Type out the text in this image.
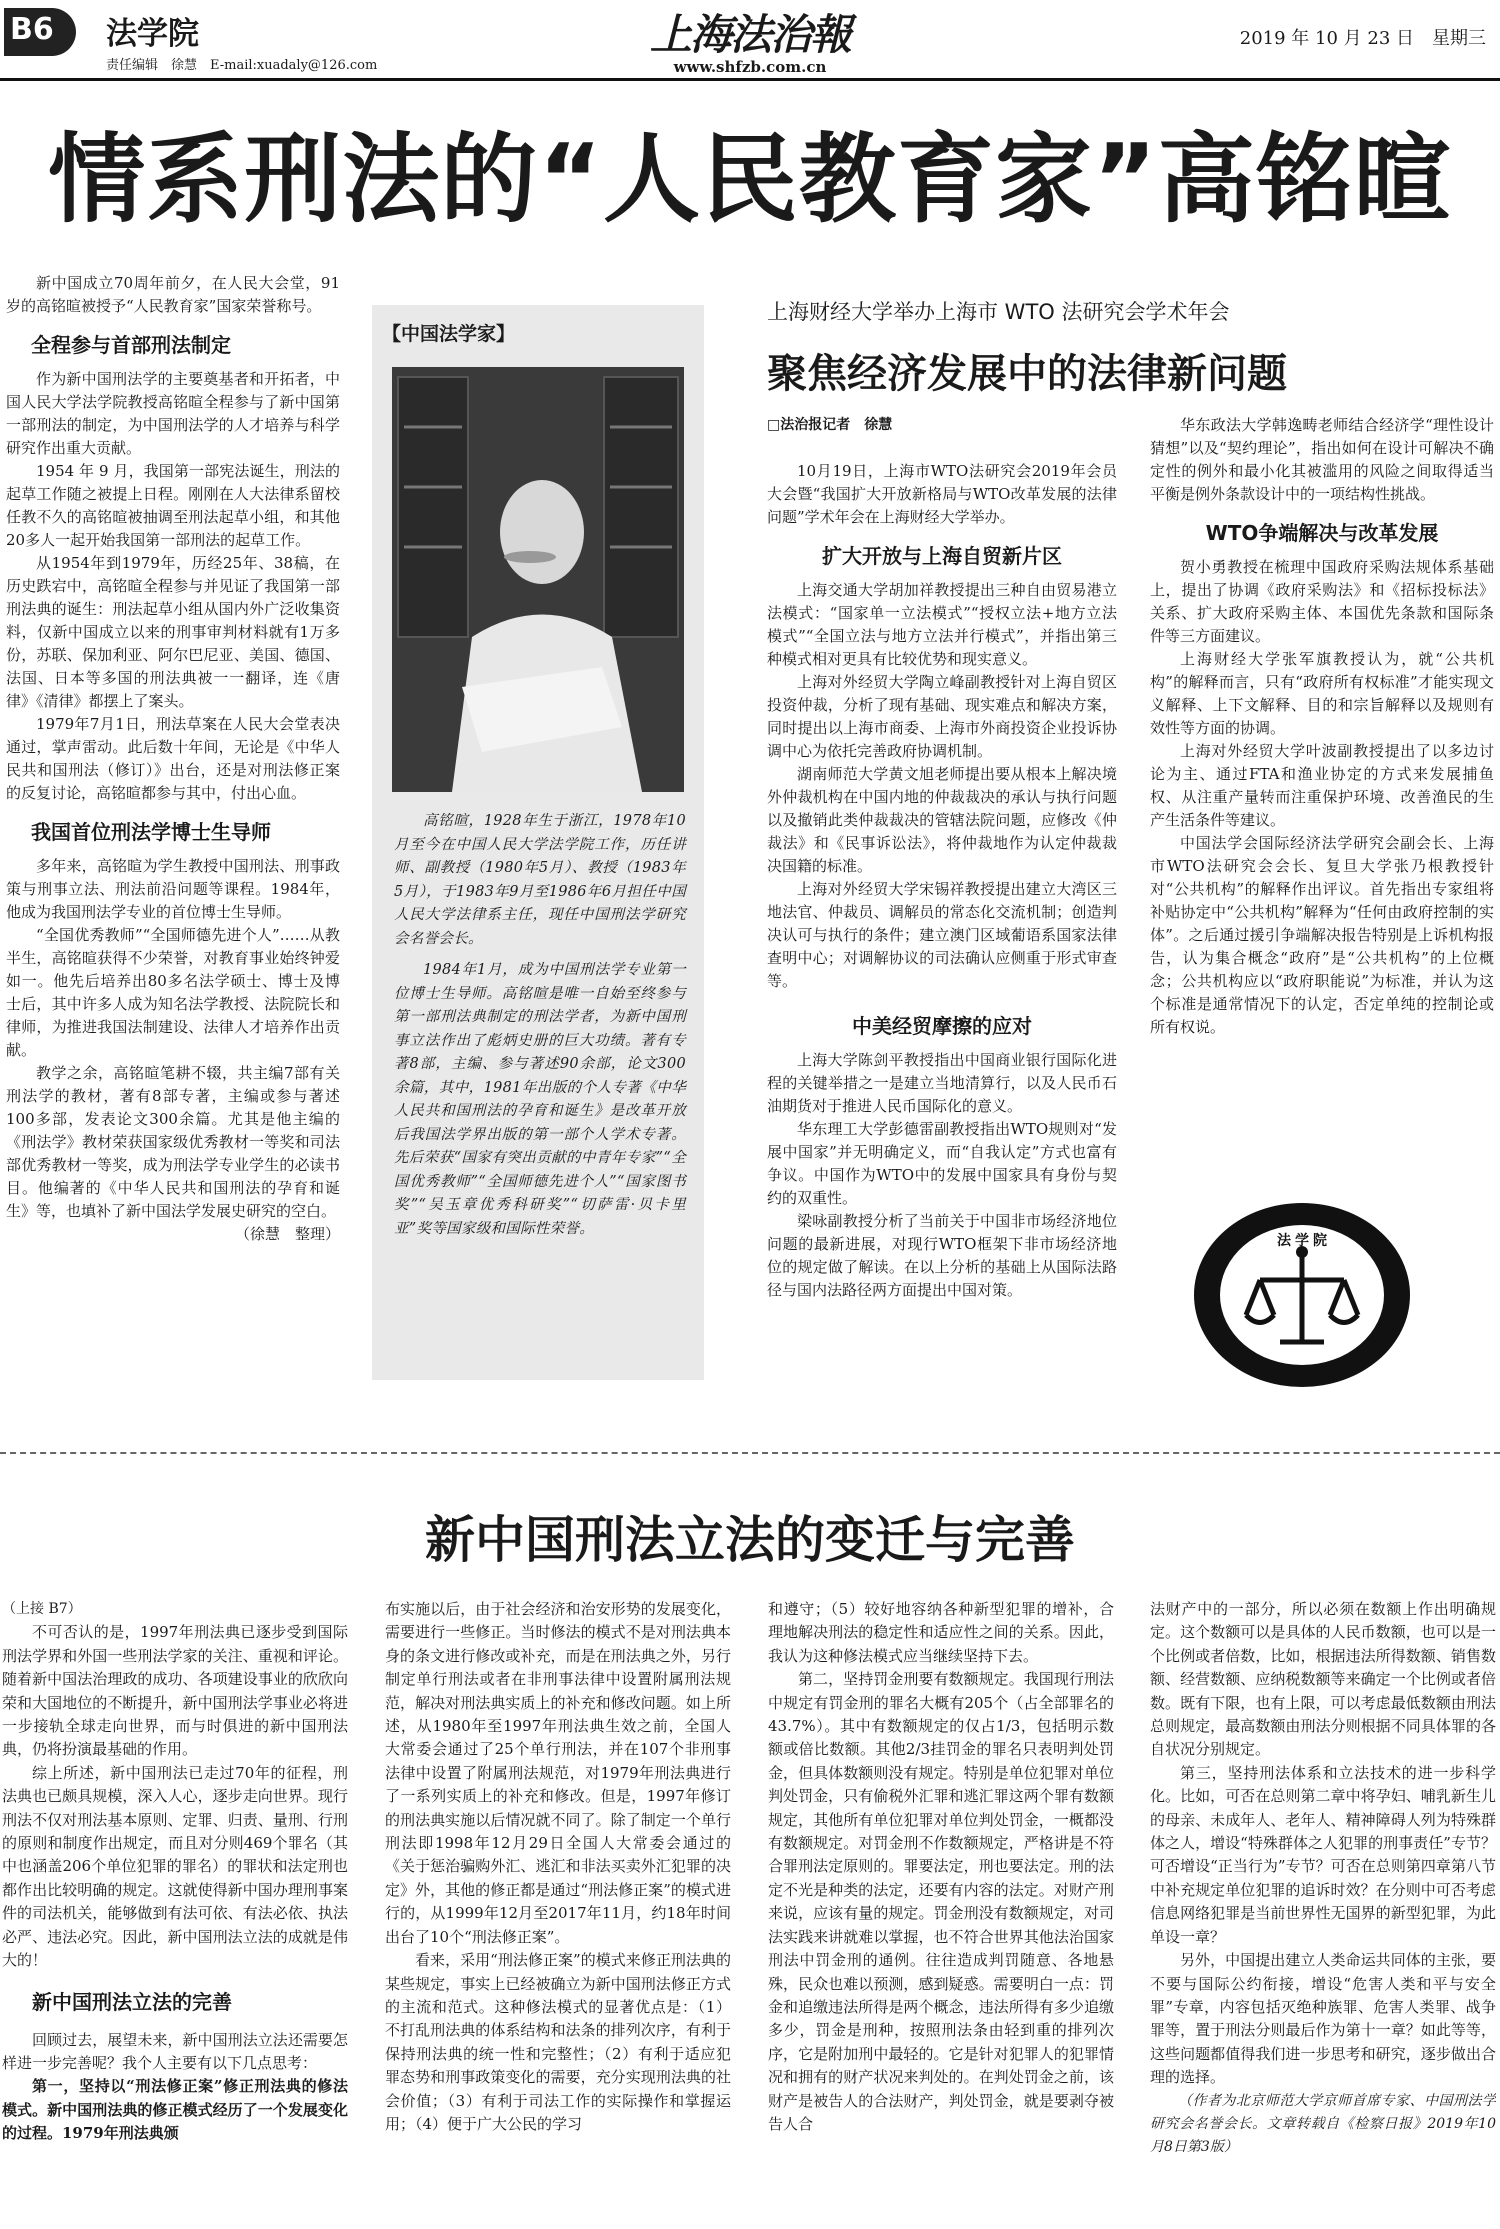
B6 法学院
责任编辑　徐慧　E-mail:xuadaly@126.com
上海法治報
www.shfzb.com.cn
2019 年 10 月 23 日　星期三
情系刑法的“人民教育家”高铭暄

新中国成立70周年前夕，在人民大会堂，91岁的高铭暄被授予“人民教育家”国家荣誉称号。

全程参与首部刑法制定

作为新中国刑法学的主要奠基者和开拓者，中国人民大学法学院教授高铭暄全程参与了新中国第一部刑法的制定，为中国刑法学的人才培养与科学研究作出重大贡献。

1954 年 9 月，我国第一部宪法诞生，刑法的起草工作随之被提上日程。刚刚在人大法律系留校任教不久的高铭暄被抽调至刑法起草小组，和其他20多人一起开始我国第一部刑法的起草工作。

从1954年到1979年，历经25年、38稿，在历史跌宕中，高铭暄全程参与并见证了我国第一部刑法典的诞生：刑法起草小组从国内外广泛收集资料，仅新中国成立以来的刑事审判材料就有1万多份，苏联、保加利亚、阿尔巴尼亚、美国、德国、法国、日本等多国的刑法典被一一翻译，连《唐律》《清律》都摆上了案头。

1979年7月1日，刑法草案在人民大会堂表决通过，掌声雷动。此后数十年间，无论是《中华人民共和国刑法（修订）》出台，还是对刑法修正案的反复讨论，高铭暄都参与其中，付出心血。

我国首位刑法学博士生导师

多年来，高铭暄为学生教授中国刑法、刑事政策与刑事立法、刑法前沿问题等课程。1984年，他成为我国刑法学专业的首位博士生导师。

“全国优秀教师”“全国师德先进个人”……从教半生，高铭暄获得不少荣誉，对教育事业始终钟爱如一。他先后培养出80多名法学硕士、博士及博士后，其中许多人成为知名法学教授、法院院长和律师，为推进我国法制建设、法律人才培养作出贡献。

教学之余，高铭暄笔耕不辍，共主编7部有关刑法学的教材，著有8部专著，主编或参与著述100多部，发表论文300余篇。尤其是他主编的《刑法学》教材荣获国家级优秀教材一等奖和司法部优秀教材一等奖，成为刑法学专业学生的必读书目。他编著的《中华人民共和国刑法的孕育和诞生》等，也填补了新中国法学发展史研究的空白。

（徐慧　整理）

【中国法学家】

高铭暄，1928年生于浙江，1978年10月至今在中国人民大学法学院工作，历任讲师、副教授（1980年5月）、教授（1983年5月），于1983年9月至1986年6月担任中国人民大学法律系主任，现任中国刑法学研究会名誉会长。

1984年1月，成为中国刑法学专业第一位博士生导师。高铭暄是唯一自始至终参与第一部刑法典制定的刑法学者，为新中国刑事立法作出了彪炳史册的巨大功绩。著有专著8部，主编、参与著述90余部，论文300余篇，其中，1981年出版的个人专著《中华人民共和国刑法的孕育和诞生》是改革开放后我国法学界出版的第一部个人学术专著。先后荣获“国家有突出贡献的中青年专家”“全国优秀教师”“全国师德先进个人”“国家图书奖”“吴玉章优秀科研奖”“切萨雷·贝卡里亚”奖等国家级和国际性荣誉。

上海财经大学举办上海市 WTO 法研究会学术年会
聚焦经济发展中的法律新问题
□法治报记者　徐慧

10月19日，上海市WTO法研究会2019年会员大会暨“我国扩大开放新格局与WTO改革发展的法律问题”学术年会在上海财经大学举办。

扩大开放与上海自贸新片区

上海交通大学胡加祥教授提出三种自由贸易港立法模式：“国家单一立法模式”“授权立法+地方立法模式”“全国立法与地方立法并行模式”，并指出第三种模式相对更具有比较优势和现实意义。

上海对外经贸大学陶立峰副教授针对上海自贸区投资仲裁，分析了现有基础、现实难点和解决方案，同时提出以上海市商委、上海市外商投资企业投诉协调中心为依托完善政府协调机制。

湖南师范大学黄文旭老师提出要从根本上解决境外仲裁机构在中国内地的仲裁裁决的承认与执行问题以及撤销此类仲裁裁决的管辖法院问题，应修改《仲裁法》和《民事诉讼法》，将仲裁地作为认定仲裁裁决国籍的标准。

上海对外经贸大学宋锡祥教授提出建立大湾区三地法官、仲裁员、调解员的常态化交流机制；创造判决认可与执行的条件；建立澳门区域葡语系国家法律查明中心；对调解协议的司法确认应侧重于形式审查等。

中美经贸摩擦的应对

上海大学陈剑平教授指出中国商业银行国际化进程的关键举措之一是建立当地清算行，以及人民币石油期货对于推进人民币国际化的意义。

华东理工大学彭德雷副教授指出WTO规则对“发展中国家”并无明确定义，而“自我认定”方式也富有争议。中国作为WTO中的发展中国家具有身份与契约的双重性。

梁咏副教授分析了当前关于中国非市场经济地位问题的最新进展，对现行WTO框架下非市场经济地位的规定做了解读。在以上分析的基础上从国际法路径与国内法路径两方面提出中国对策。

华东政法大学韩逸畴老师结合经济学“理性设计猜想”以及“契约理论”，指出如何在设计可解决不确定性的例外和最小化其被滥用的风险之间取得适当平衡是例外条款设计中的一项结构性挑战。

WTO争端解决与改革发展

贺小勇教授在梳理中国政府采购法规体系基础上，提出了协调《政府采购法》和《招标投标法》关系、扩大政府采购主体、本国优先条款和国际条件等三方面建议。

上海财经大学张军旗教授认为，就“公共机构”的解释而言，只有“政府所有权标准”才能实现文义解释、上下文解释、目的和宗旨解释以及规则有效性等方面的协调。

上海对外经贸大学叶波副教授提出了以多边讨论为主、通过FTA和渔业协定的方式来发展捕鱼权、从注重产量转而注重保护环境、改善渔民的生产生活条件等建议。

中国法学会国际经济法学研究会副会长、上海市WTO法研究会会长、复旦大学张乃根教授针对“公共机构”的解释作出评议。首先指出专家组将补贴协定中“公共机构”解释为“任何由政府控制的实体”。之后通过援引争端解决报告特别是上诉机构报告，认为集合概念“政府”是“公共机构”的上位概念；公共机构应以“政府职能说”为标准，并认为这个标准是通常情况下的认定，否定单纯的控制论或所有权说。

法学院
新中国刑法立法的变迁与完善

（上接 B7）

不可否认的是，1997年刑法典已逐步受到国际刑法学界和外国一些刑法学家的关注、重视和评论。随着新中国法治理政的成功、各项建设事业的欣欣向荣和大国地位的不断提升，新中国刑法学事业必将进一步接轨全球走向世界，而与时俱进的新中国刑法典，仍将扮演最基础的作用。

综上所述，新中国刑法已走过70年的征程，刑法典也已颇具规模，深入人心，逐步走向世界。现行刑法不仅对刑法基本原则、定罪、归责、量刑、行刑的原则和制度作出规定，而且对分则469个罪名（其中也涵盖206个单位犯罪的罪名）的罪状和法定刑也都作出比较明确的规定。这就使得新中国办理刑事案件的司法机关，能够做到有法可依、有法必依、执法必严、违法必究。因此，新中国刑法立法的成就是伟大的！

新中国刑法立法的完善

回顾过去，展望未来，新中国刑法立法还需要怎样进一步完善呢？我个人主要有以下几点思考：

第一，坚持以“刑法修正案”修正刑法典的修法模式。新中国刑法典的修正模式经历了一个发展变化的过程。1979年刑法典颁

布实施以后，由于社会经济和治安形势的发展变化，需要进行一些修正。当时修法的模式不是对刑法典本身的条文进行修改或补充，而是在刑法典之外，另行制定单行刑法或者在非刑事法律中设置附属刑法规范，解决对刑法典实质上的补充和修改问题。如上所述，从1980年至1997年刑法典生效之前，全国人大常委会通过了25个单行刑法，并在107个非刑事法律中设置了附属刑法规范，对1979年刑法典进行了一系列实质上的补充和修改。但是，1997年修订的刑法典实施以后情况就不同了。除了制定一个单行刑法即1998年12月29日全国人大常委会通过的《关于惩治骗购外汇、逃汇和非法买卖外汇犯罪的决定》外，其他的修正都是通过“刑法修正案”的模式进行的，从1999年12月至2017年11月，约18年时间出台了10个“刑法修正案”。

看来，采用“刑法修正案”的模式来修正刑法典的某些规定，事实上已经被确立为新中国刑法修正方式的主流和范式。这种修法模式的显著优点是：（1）不打乱刑法典的体系结构和法条的排列次序，有利于保持刑法典的统一性和完整性；（2）有利于适应犯罪态势和刑事政策变化的需要，充分实现刑法典的社会价值；（3）有利于司法工作的实际操作和掌握运用；（4）便于广大公民的学习

和遵守；（5）较好地容纳各种新型犯罪的增补，合理地解决刑法的稳定性和适应性之间的关系。因此，我认为这种修法模式应当继续坚持下去。

第二，坚持罚金刑要有数额规定。我国现行刑法中规定有罚金刑的罪名大概有205个（占全部罪名的43.7%）。其中有数额规定的仅占1/3，包括明示数额或倍比数额。其他2/3挂罚金的罪名只表明判处罚金，但具体数额则没有规定。特别是单位犯罪对单位判处罚金，只有偷税外汇罪和逃汇罪这两个罪有数额规定，其他所有单位犯罪对单位判处罚金，一概都没有数额规定。对罚金刑不作数额规定，严格讲是不符合罪刑法定原则的。罪要法定，刑也要法定。刑的法定不光是种类的法定，还要有内容的法定。对财产刑来说，应该有量的规定。罚金刑没有数额规定，对司法实践来讲就难以掌握，也不符合世界其他法治国家刑法中罚金刑的通例。往往造成判罚随意、各地悬殊，民众也难以预测，感到疑惑。需要明白一点：罚金和追缴违法所得是两个概念，违法所得有多少追缴多少，罚金是刑种，按照刑法条由轻到重的排列次序，它是附加刑中最轻的。它是针对犯罪人的犯罪情况和拥有的财产状况来判处的。在判处罚金之前，该财产是被告人的合法财产，判处罚金，就是要剥夺被告人合

法财产中的一部分，所以必须在数额上作出明确规定。这个数额可以是具体的人民币数额，也可以是一个比例或者倍数，比如，根据违法所得数额、销售数额、经营数额、应纳税数额等来确定一个比例或者倍数。既有下限，也有上限，可以考虑最低数额由刑法总则规定，最高数额由刑法分则根据不同具体罪的各自状况分别规定。

第三，坚持刑法体系和立法技术的进一步科学化。比如，可否在总则第二章中将孕妇、哺乳新生儿的母亲、未成年人、老年人、精神障碍人列为特殊群体之人，增设“特殊群体之人犯罪的刑事责任”专节？可否增设“正当行为”专节？可否在总则第四章第八节中补充规定单位犯罪的追诉时效？在分则中可否考虑信息网络犯罪是当前世界性无国界的新型犯罪，为此单设一章？

另外，中国提出建立人类命运共同体的主张，要不要与国际公约衔接，增设“危害人类和平与安全罪”专章，内容包括灭绝种族罪、危害人类罪、战争罪等，置于刑法分则最后作为第十一章？如此等等，这些问题都值得我们进一步思考和研究，逐步做出合理的选择。

（作者为北京师范大学京师首席专家、中国刑法学研究会名誉会长。文章转载自《检察日报》2019年10月8日第3版）
